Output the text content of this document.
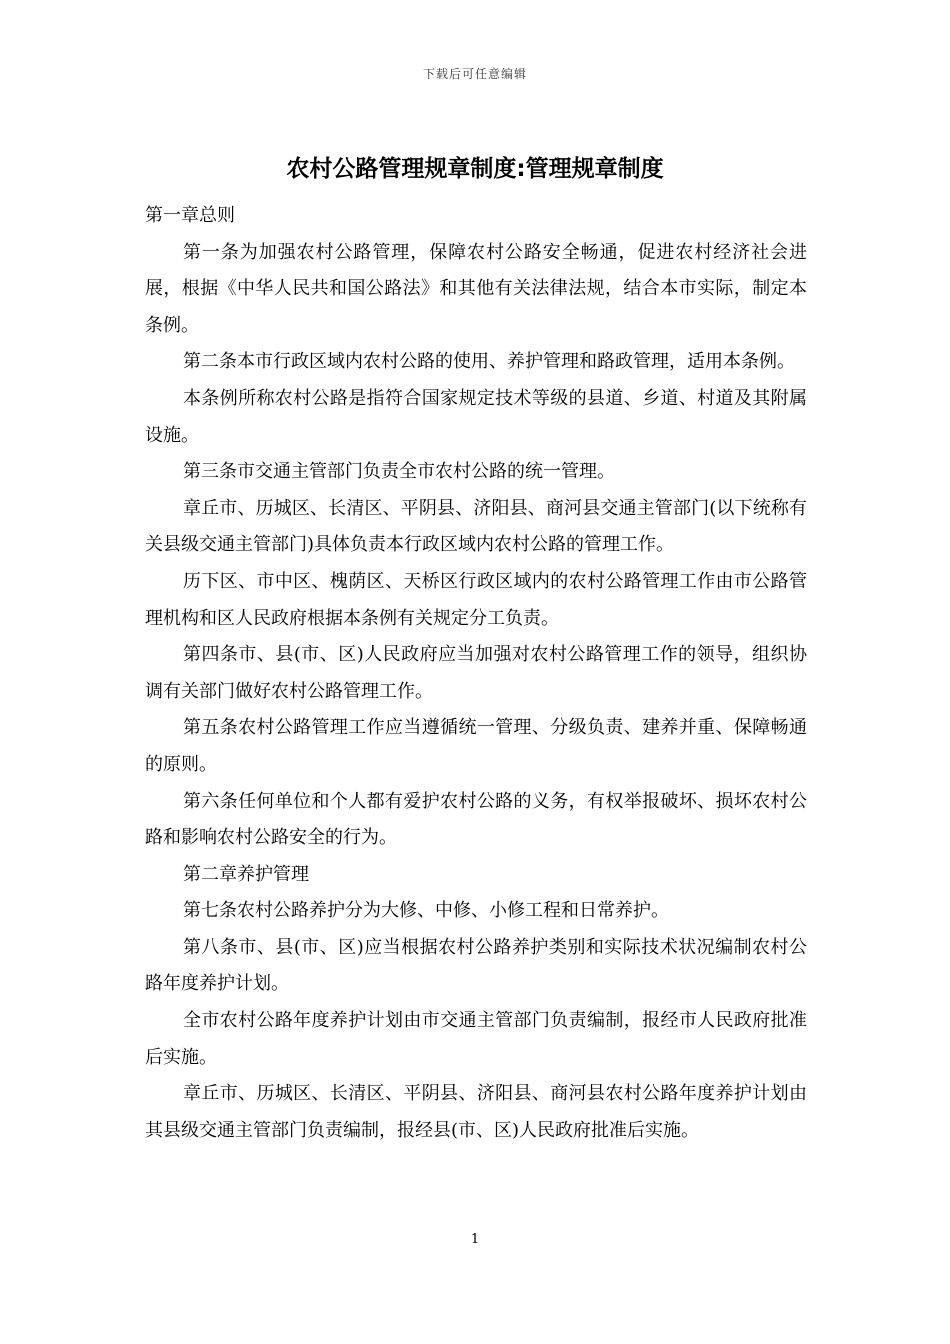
下载后可任意编辑
农村公路管理规章制度:管理规章制度

第一章总则

第一条为加强农村公路管理，保障农村公路安全畅通，促进农村经济社会进展，根据《中华人民共和国公路法》和其他有关法律法规，结合本市实际，制定本条例。

第二条本市行政区域内农村公路的使用、养护管理和路政管理，适用本条例。

本条例所称农村公路是指符合国家规定技术等级的县道、乡道、村道及其附属设施。

第三条市交通主管部门负责全市农村公路的统一管理。

章丘市、历城区、长清区、平阴县、济阳县、商河县交通主管部门(以下统称有关县级交通主管部门)具体负责本行政区域内农村公路的管理工作。

历下区、市中区、槐荫区、天桥区行政区域内的农村公路管理工作由市公路管理机构和区人民政府根据本条例有关规定分工负责。

第四条市、县(市、区)人民政府应当加强对农村公路管理工作的领导，组织协调有关部门做好农村公路管理工作。

第五条农村公路管理工作应当遵循统一管理、分级负责、建养并重、保障畅通的原则。

第六条任何单位和个人都有爱护农村公路的义务，有权举报破坏、损坏农村公路和影响农村公路安全的行为。

第二章养护管理

第七条农村公路养护分为大修、中修、小修工程和日常养护。

第八条市、县(市、区)应当根据农村公路养护类别和实际技术状况编制农村公路年度养护计划。

全市农村公路年度养护计划由市交通主管部门负责编制，报经市人民政府批准后实施。

章丘市、历城区、长清区、平阴县、济阳县、商河县农村公路年度养护计划由其县级交通主管部门负责编制，报经县(市、区)人民政府批准后实施。

1
